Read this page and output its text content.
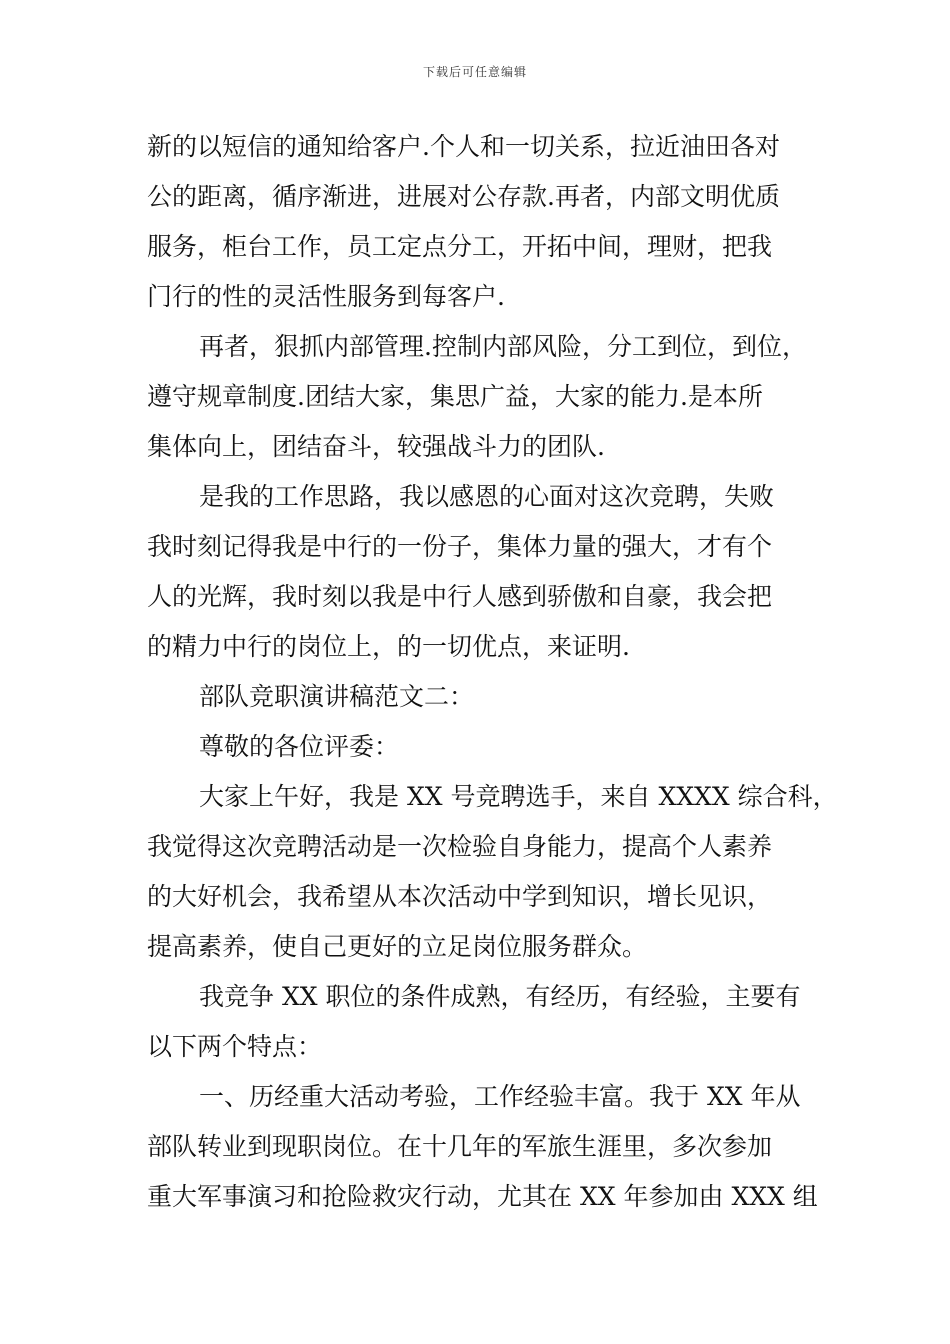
下载后可任意编辑
新的以短信的通知给客户.个人和一切关系，拉近油田各对
公的距离，循序渐进，进展对公存款.再者，内部文明优质
服务，柜台工作，员工定点分工，开拓中间，理财，把我
门行的性的灵活性服务到每客户.
再者，狠抓内部管理.控制内部风险，分工到位，到位，
遵守规章制度.团结大家，集思广益，大家的能力.是本所
集体向上，团结奋斗，较强战斗力的团队.
是我的工作思路，我以感恩的心面对这次竞聘，失败
我时刻记得我是中行的一份子，集体力量的强大，才有个
人的光辉，我时刻以我是中行人感到骄傲和自豪，我会把
的精力中行的岗位上，的一切优点，来证明.
部队竞职演讲稿范文二：
尊敬的各位评委：
大家上午好，我是 XX 号竞聘选手，来自 XXXX 综合科，
我觉得这次竞聘活动是一次检验自身能力，提高个人素养
的大好机会，我希望从本次活动中学到知识，增长见识，
提高素养，使自己更好的立足岗位服务群众。
我竞争 XX 职位的条件成熟，有经历，有经验，主要有
以下两个特点：
一、历经重大活动考验，工作经验丰富。我于 XX 年从
部队转业到现职岗位。在十几年的军旅生涯里，多次参加
重大军事演习和抢险救灾行动，尤其在 XX 年参加由 XXX 组
